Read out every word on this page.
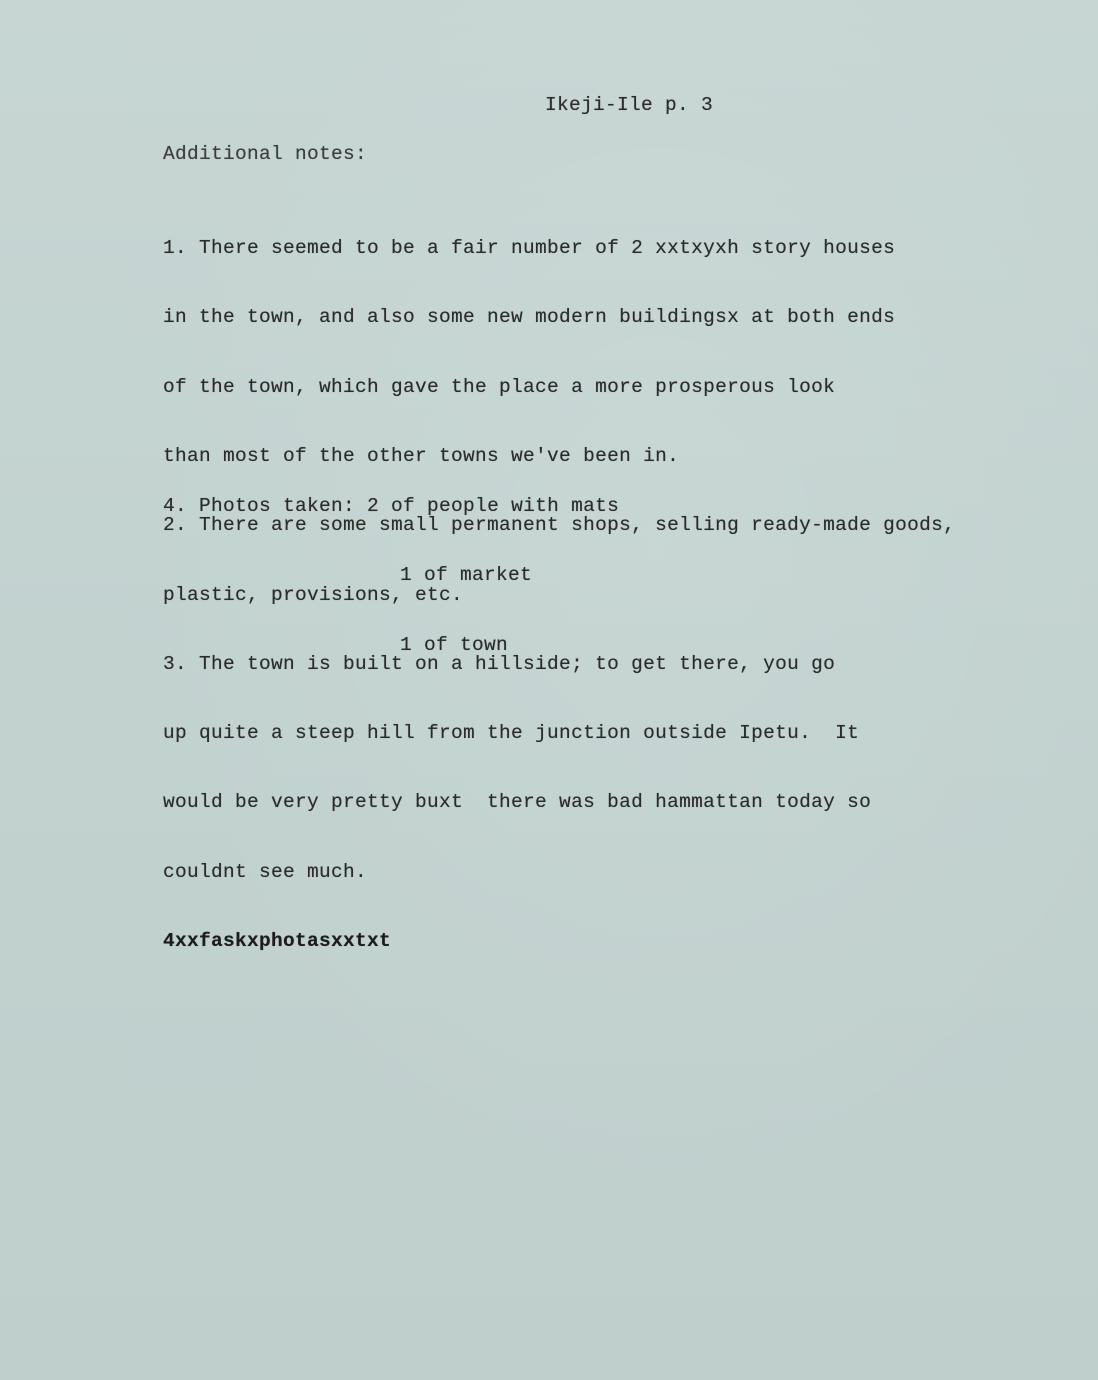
Ikeji-Ile p. 3
Additional notes:

1. There seemed to be a fair number of 2 xxtxyxh story houses

in the town, and also some new modern buildingsx at both ends

of the town, which gave the place a more prosperous look

than most of the other towns we've been in.

2. There are some small permanent shops, selling ready-made goods,

plastic, provisions, etc.

3. The town is built on a hillside; to get there, you go

up quite a steep hill from the junction outside Ipetu.  It

would be very pretty buxt  there was bad hammattan today so

couldnt see much.

4xxfaskxphotasxxtxt

4. Photos taken: 2 of people with mats

1 of market

1 of town
